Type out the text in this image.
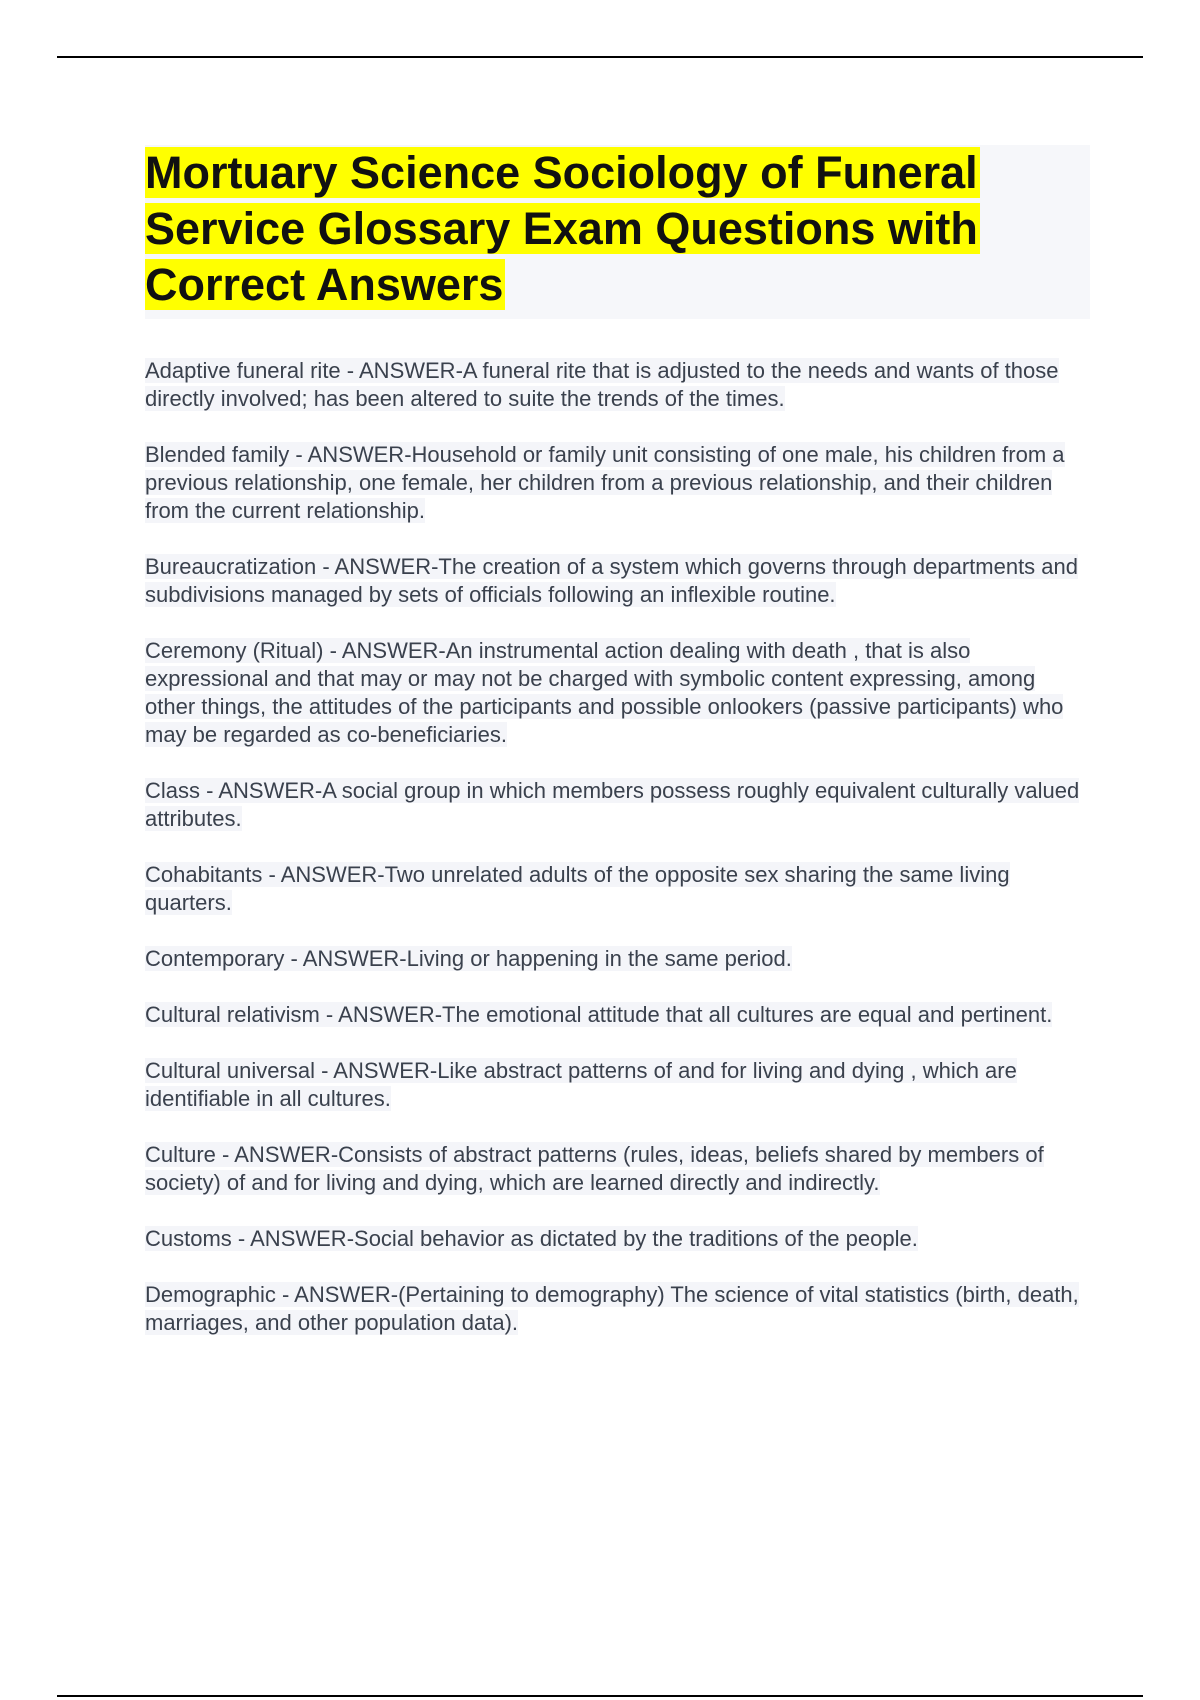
Mortuary Science Sociology of Funeral Service Glossary Exam Questions with Correct Answers

Adaptive funeral rite - ANSWER-A funeral rite that is adjusted to the needs and wants of those directly involved; has been altered to suite the trends of the times.

Blended family - ANSWER-Household or family unit consisting of one male, his children from a previous relationship, one female, her children from a previous relationship, and their children from the current relationship.

Bureaucratization - ANSWER-The creation of a system which governs through departments and subdivisions managed by sets of officials following an inflexible routine.

Ceremony (Ritual) - ANSWER-An instrumental action dealing with death , that is also expressional and that may or may not be charged with symbolic content expressing, among other things, the attitudes of the participants and possible onlookers (passive participants) who may be regarded as co-beneficiaries.

Class - ANSWER-A social group in which members possess roughly equivalent culturally valued attributes.

Cohabitants - ANSWER-Two unrelated adults of the opposite sex sharing the same living quarters.

Contemporary - ANSWER-Living or happening in the same period.

Cultural relativism - ANSWER-The emotional attitude that all cultures are equal and pertinent.

Cultural universal - ANSWER-Like abstract patterns of and for living and dying , which are identifiable in all cultures.

Culture - ANSWER-Consists of abstract patterns (rules, ideas, beliefs shared by members of society) of and for living and dying, which are learned directly and indirectly.

Customs - ANSWER-Social behavior as dictated by the traditions of the people.

Demographic - ANSWER-(Pertaining to demography) The science of vital statistics (birth, death, marriages, and other population data).
